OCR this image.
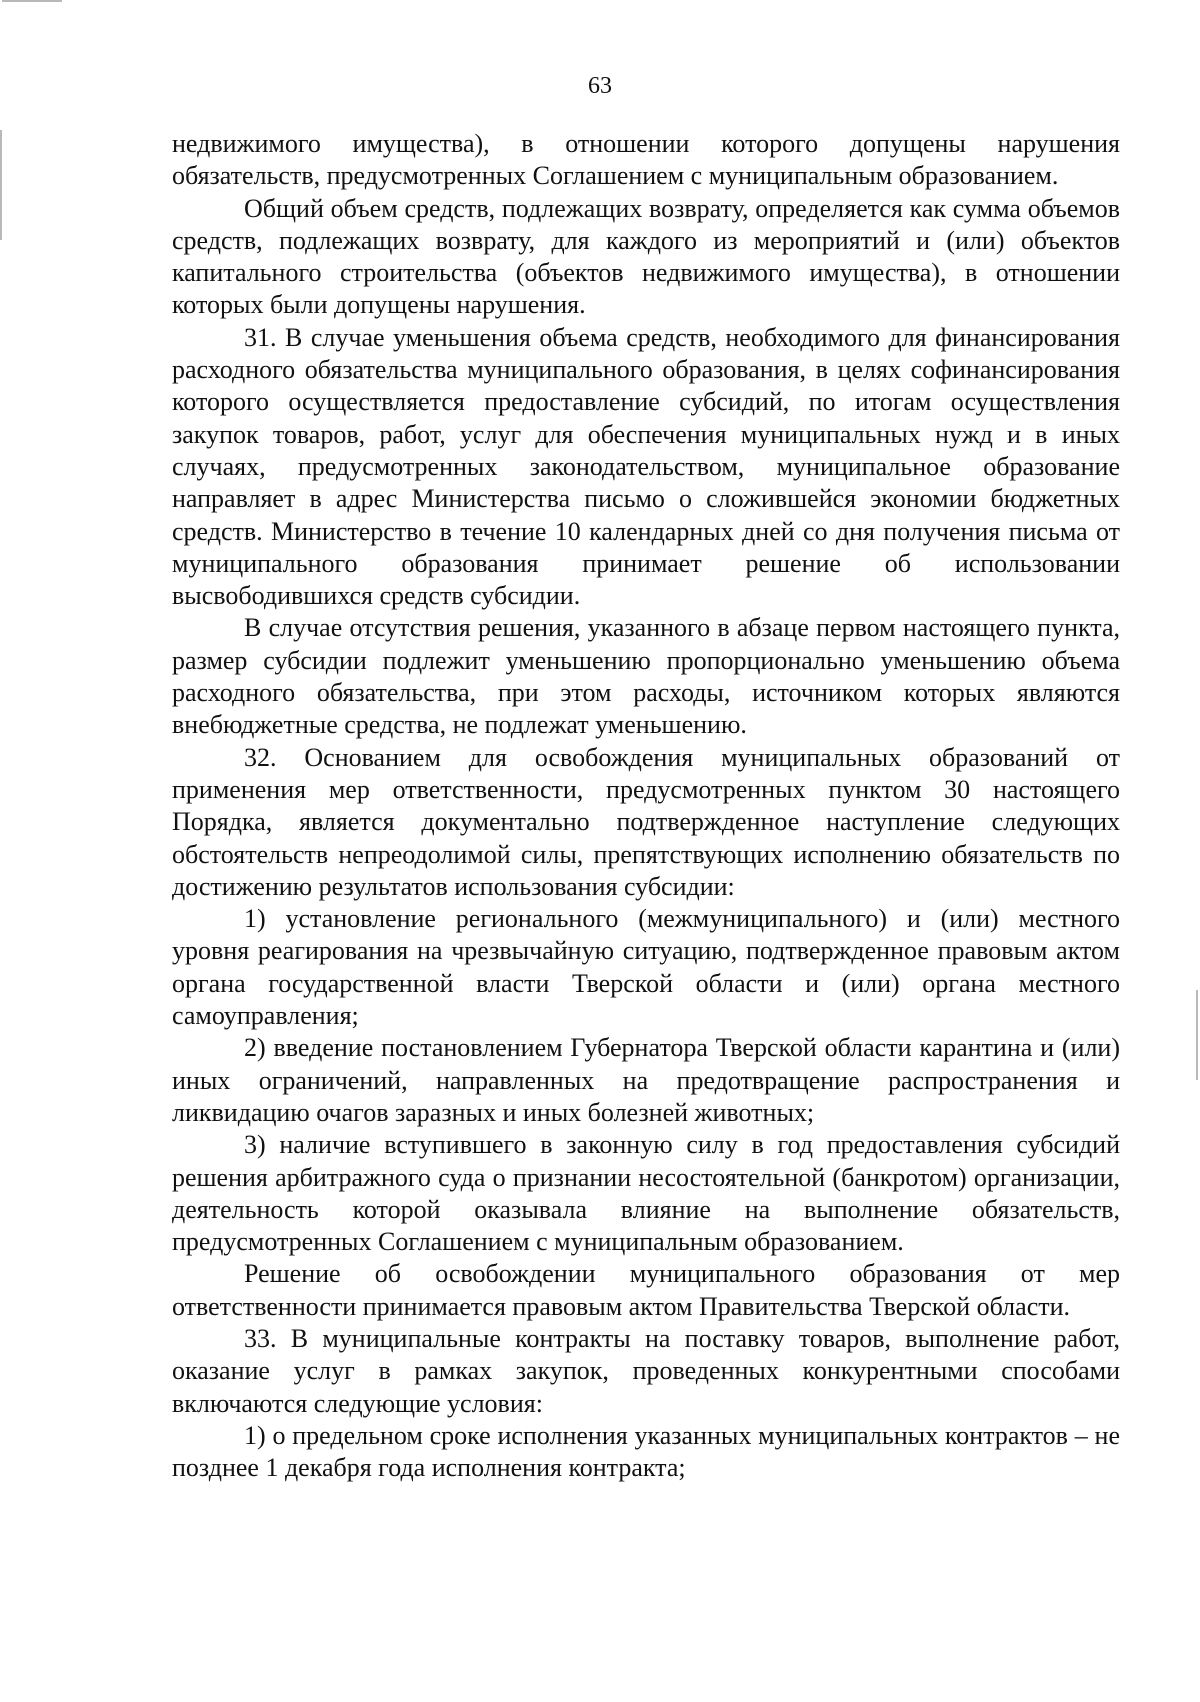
63

недвижимого имущества), в отношении которого допущены нарушения обязательств, предусмотренных Соглашением с муниципальным образованием.

Общий объем средств, подлежащих возврату, определяется как сумма объемов средств, подлежащих возврату, для каждого из мероприятий и (или) объектов капитального строительства (объектов недвижимого имущества), в отношении которых были допущены нарушения.

31. В случае уменьшения объема средств, необходимого для финансирования расходного обязательства муниципального образования, в целях софинансирования которого осуществляется предоставление субсидий, по итогам осуществления закупок товаров, работ, услуг для обеспечения муниципальных нужд и в иных случаях, предусмотренных законодательством, муниципальное образование направляет в адрес Министерства письмо о сложившейся экономии бюджетных средств. Министерство в течение 10 календарных дней со дня получения письма от муниципального образования принимает решение об использовании высвободившихся средств субсидии.

В случае отсутствия решения, указанного в абзаце первом настоящего пункта, размер субсидии подлежит уменьшению пропорционально уменьшению объема расходного обязательства, при этом расходы, источником которых являются внебюджетные средства, не подлежат уменьшению.

32. Основанием для освобождения муниципальных образований от применения мер ответственности, предусмотренных пунктом 30 настоящего Порядка, является документально подтвержденное наступление следующих обстоятельств непреодолимой силы, препятствующих исполнению обязательств по достижению результатов использования субсидии:

1) установление регионального (межмуниципального) и (или) местного уровня реагирования на чрезвычайную ситуацию, подтвержденное правовым актом органа государственной власти Тверской области и (или) органа местного самоуправления;

2) введение постановлением Губернатора Тверской области карантина и (или) иных ограничений, направленных на предотвращение распространения и ликвидацию очагов заразных и иных болезней животных;

3) наличие вступившего в законную силу в год предоставления субсидий решения арбитражного суда о признании несостоятельной (банкротом) организации, деятельность которой оказывала влияние на выполнение обязательств, предусмотренных Соглашением с муниципальным образованием.

Решение об освобождении муниципального образования от мер ответственности принимается правовым актом Правительства Тверской области.

33. В муниципальные контракты на поставку товаров, выполнение работ, оказание услуг в рамках закупок, проведенных конкурентными способами включаются следующие условия:

1) о предельном сроке исполнения указанных муниципальных контрактов – не позднее 1 декабря года исполнения контракта;
